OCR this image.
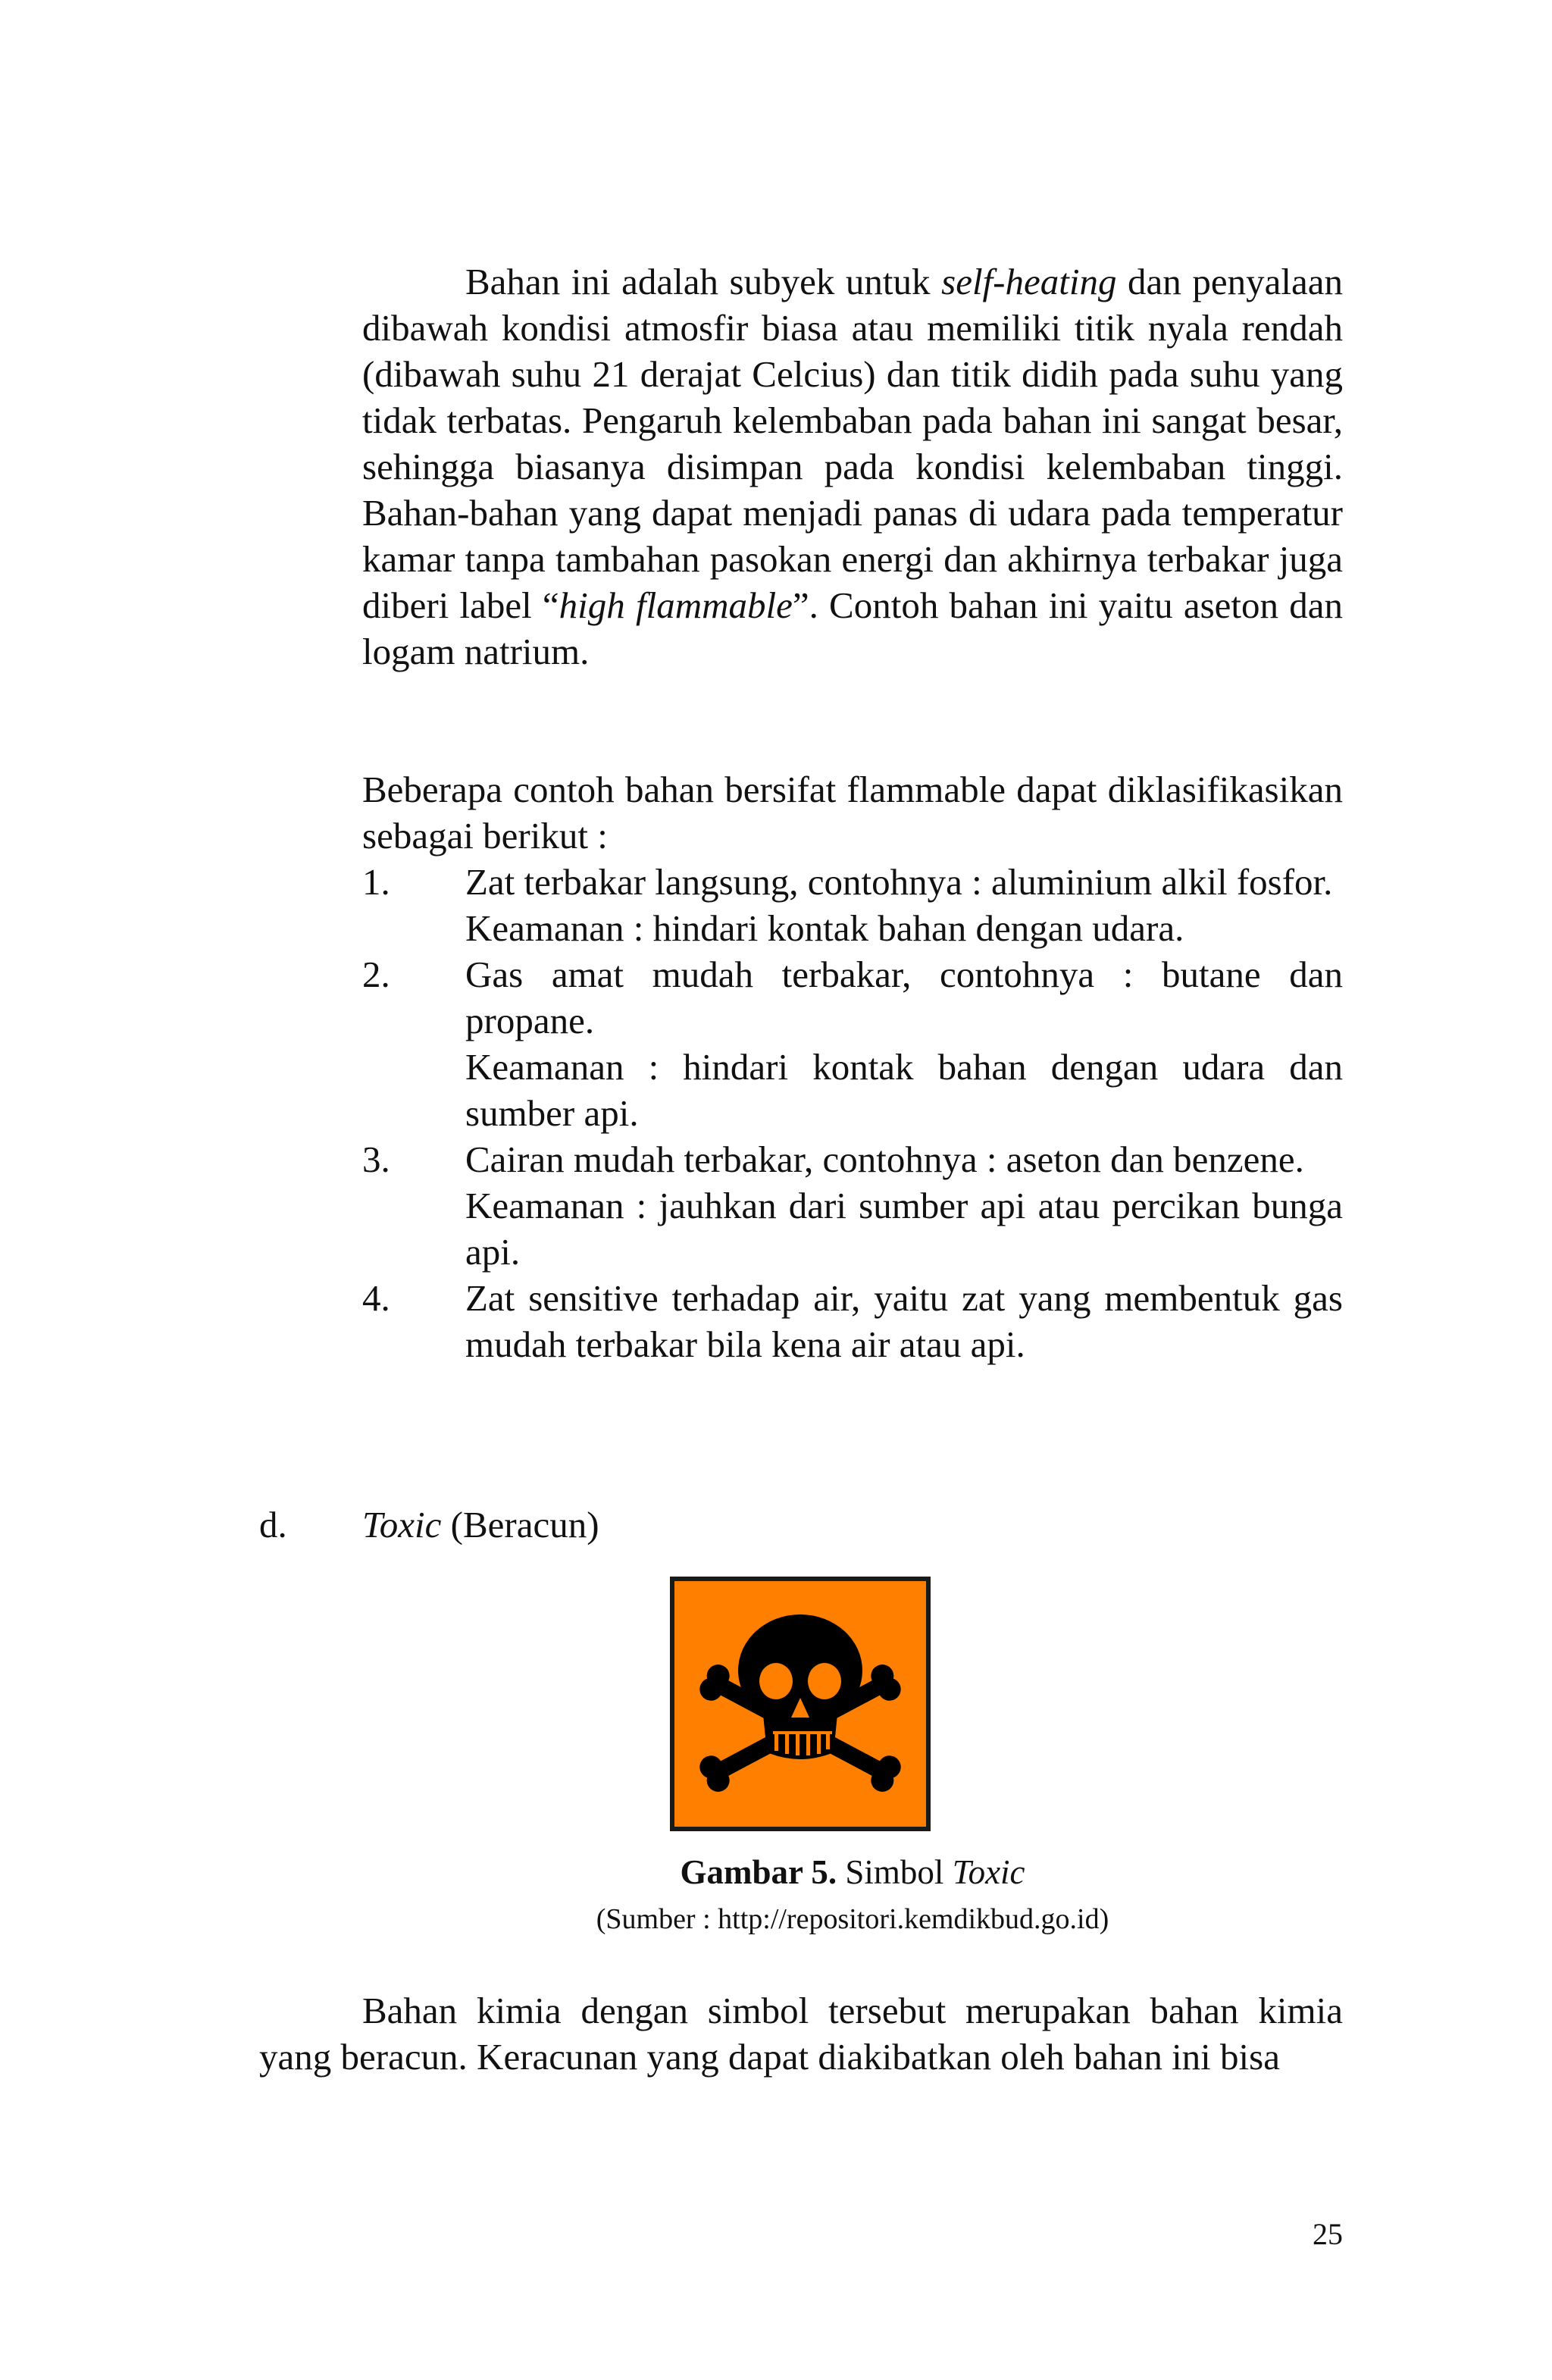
Bahan ini adalah subyek untuk self-heating dan penyalaan dibawah kondisi atmosfir biasa atau memiliki titik nyala rendah (dibawah suhu 21 derajat Celcius) dan titik didih pada suhu yang tidak terbatas. Pengaruh kelembaban pada bahan ini sangat besar, sehingga biasanya disimpan pada kondisi kelembaban tinggi. Bahan-bahan yang dapat menjadi panas di udara pada temperatur kamar tanpa tambahan pasokan energi dan akhirnya terbakar juga diberi label “high flammable”. Contoh bahan ini yaitu aseton dan logam natrium.

Beberapa contoh bahan bersifat flammable dapat diklasifikasikan sebagai berikut :

1. Zat terbakar langsung, contohnya : aluminium alkil fosfor.
Keamanan : hindari kontak bahan dengan udara.
2. Gas amat mudah terbakar, contohnya : butane dan propane.
Keamanan : hindari kontak bahan dengan udara dan sumber api.
3. Cairan mudah terbakar, contohnya : aseton dan benzene.
Keamanan : jauhkan dari sumber api atau percikan bunga api.
4. Zat sensitive terhadap air, yaitu zat yang membentuk gas mudah terbakar bila kena air atau api.

d. Toxic (Beracun)

Gambar 5. Simbol Toxic

(Sumber : http://repositori.kemdikbud.go.id)

Bahan kimia dengan simbol tersebut merupakan bahan kimia yang beracun. Keracunan yang dapat diakibatkan oleh bahan ini bisa

25
